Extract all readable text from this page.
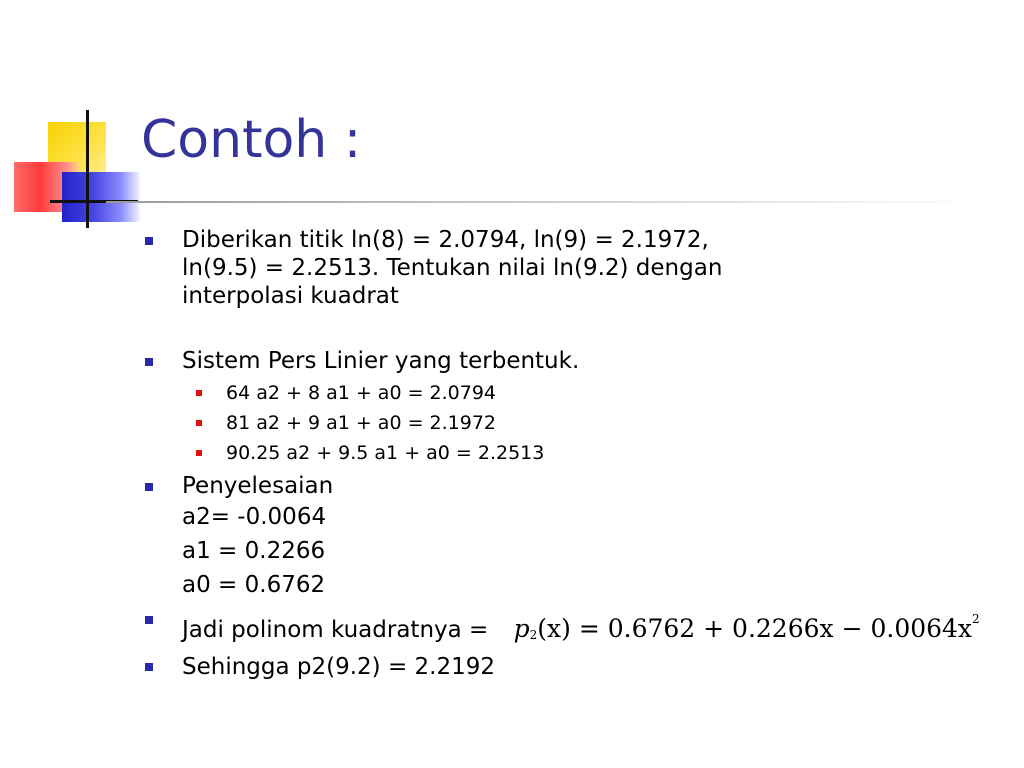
Contoh :
Diberikan titik ln(8) = 2.0794, ln(9) = 2.1972,
ln(9.5) = 2.2513. Tentukan nilai ln(9.2) dengan
interpolasi kuadrat
Sistem Pers Linier yang terbentuk.
64 a2 + 8 a1 + a0 = 2.0794
81 a2 + 9 a1 + a0 = 2.1972
90.25 a2 + 9.5 a1 + a0 = 2.2513
Penyelesaian
a2= -0.0064
a1 = 0.2266
a0 = 0.6762
Jadi polinom kuadratnya = $p_2(x) = 0.6762 + 0.2266x - 0.0064x^2$
Sehingga p2(9.2) = 2.2192
